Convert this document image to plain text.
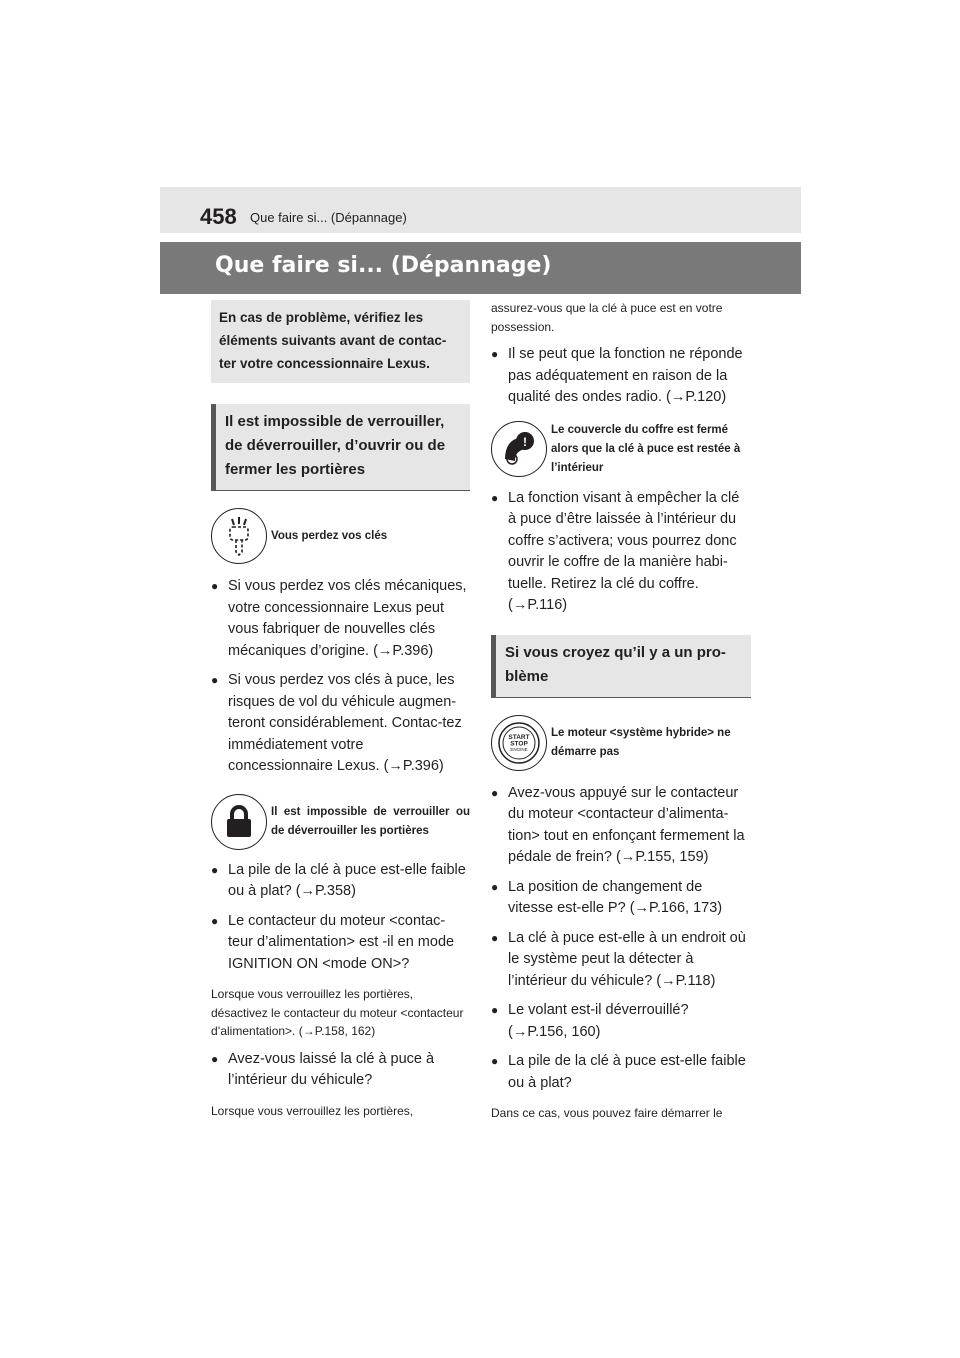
458 Que faire si... (Dépannage)
Que faire si... (Dépannage)
En cas de problème, vérifiez les éléments suivants avant de contac-ter votre concessionnaire Lexus.
Il est impossible de verrouiller, de déverrouiller, d’ouvrir ou de fermer les portières
Vous perdez vos clés
● Si vous perdez vos clés mécaniques, votre concessionnaire Lexus peut vous fabriquer de nouvelles clés mécaniques d’origine. (→P.396)
● Si vous perdez vos clés à puce, les risques de vol du véhicule augmen-teront considérablement. Contac-tez immédiatement votre concessionnaire Lexus. (→P.396)
Il est impossible de verrouiller ou de déverrouiller les portières
● La pile de la clé à puce est-elle faible ou à plat? (→P.358)
● Le contacteur du moteur <contac-teur d’alimentation> est -il en mode IGNITION ON <mode ON>?
Lorsque vous verrouillez les portières, désactivez le contacteur du moteur <contacteur d’alimentation>. (→P.158, 162)
● Avez-vous laissé la clé à puce à l’intérieur du véhicule?
Lorsque vous verrouillez les portières,
assurez-vous que la clé à puce est en votre possession.
● Il se peut que la fonction ne réponde pas adéquatement en raison de la qualité des ondes radio. (→P.120)
!
Le couvercle du coffre est fermé alors que la clé à puce est restée à l’intérieur
● La fonction visant à empêcher la clé à puce d’être laissée à l’intérieur du coffre s’activera; vous pourrez donc ouvrir le coffre de la manière habi-tuelle. Retirez la clé du coffre. (→P.116)
Si vous croyez qu’il y a un pro-blème
START
STOP
ENGINE
Le moteur <système hybride> ne démarre pas
● Avez-vous appuyé sur le contacteur du moteur <contacteur d’alimenta-tion> tout en enfonçant fermement la pédale de frein? (→P.155, 159)
● La position de changement de vitesse est-elle P? (→P.166, 173)
● La clé à puce est-elle à un endroit où le système peut la détecter à l’intérieur du véhicule? (→P.118)
● Le volant est-il déverrouillé? (→P.156, 160)
● La pile de la clé à puce est-elle faible ou à plat?
Dans ce cas, vous pouvez faire démarrer le
